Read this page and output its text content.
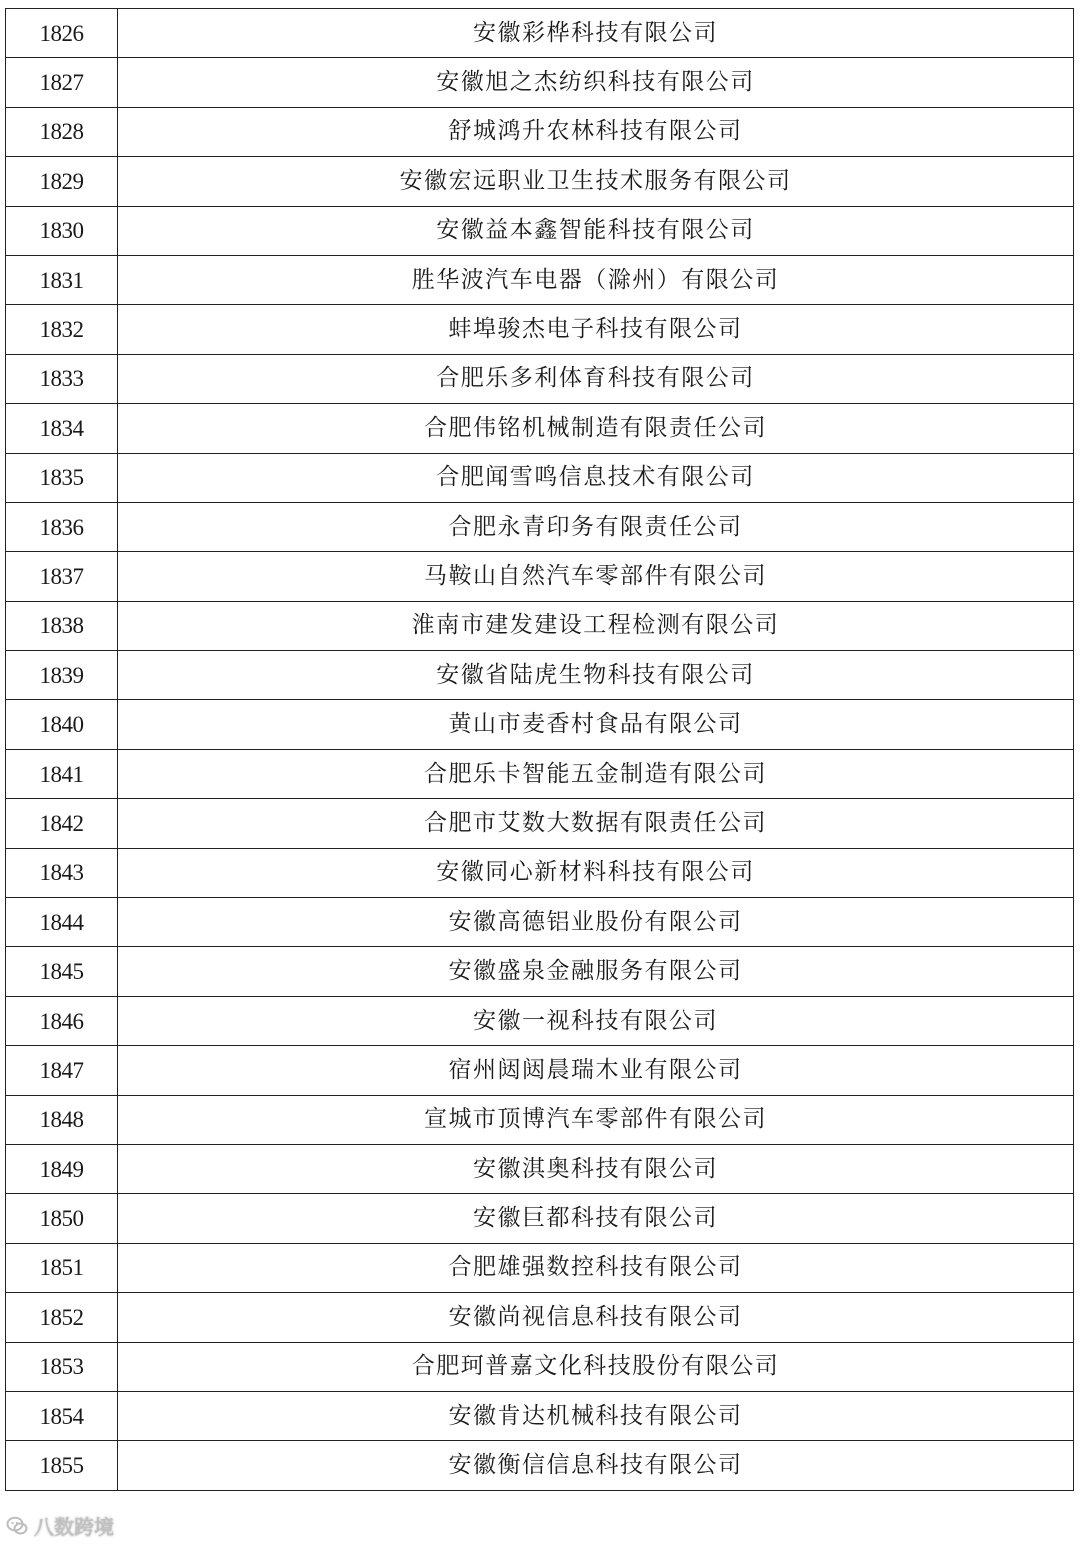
1826	安徽彩桦科技有限公司
1827	安徽旭之杰纺织科技有限公司
1828	舒城鸿升农林科技有限公司
1829	安徽宏远职业卫生技术服务有限公司
1830	安徽益本鑫智能科技有限公司
1831	胜华波汽车电器（滁州）有限公司
1832	蚌埠骏杰电子科技有限公司
1833	合肥乐多利体育科技有限公司
1834	合肥伟铭机械制造有限责任公司
1835	合肥闻雪鸣信息技术有限公司
1836	合肥永青印务有限责任公司
1837	马鞍山自然汽车零部件有限公司
1838	淮南市建发建设工程检测有限公司
1839	安徽省陆虎生物科技有限公司
1840	黄山市麦香村食品有限公司
1841	合肥乐卡智能五金制造有限公司
1842	合肥市艾数大数据有限责任公司
1843	安徽同心新材料科技有限公司
1844	安徽高德铝业股份有限公司
1845	安徽盛泉金融服务有限公司
1846	安徽一视科技有限公司
1847	宿州闼闼晨瑞木业有限公司
1848	宣城市顶博汽车零部件有限公司
1849	安徽淇奥科技有限公司
1850	安徽巨都科技有限公司
1851	合肥雄强数控科技有限公司
1852	安徽尚视信息科技有限公司
1853	合肥珂普嘉文化科技股份有限公司
1854	安徽肯达机械科技有限公司
1855	安徽衡信信息科技有限公司
八数跨境
